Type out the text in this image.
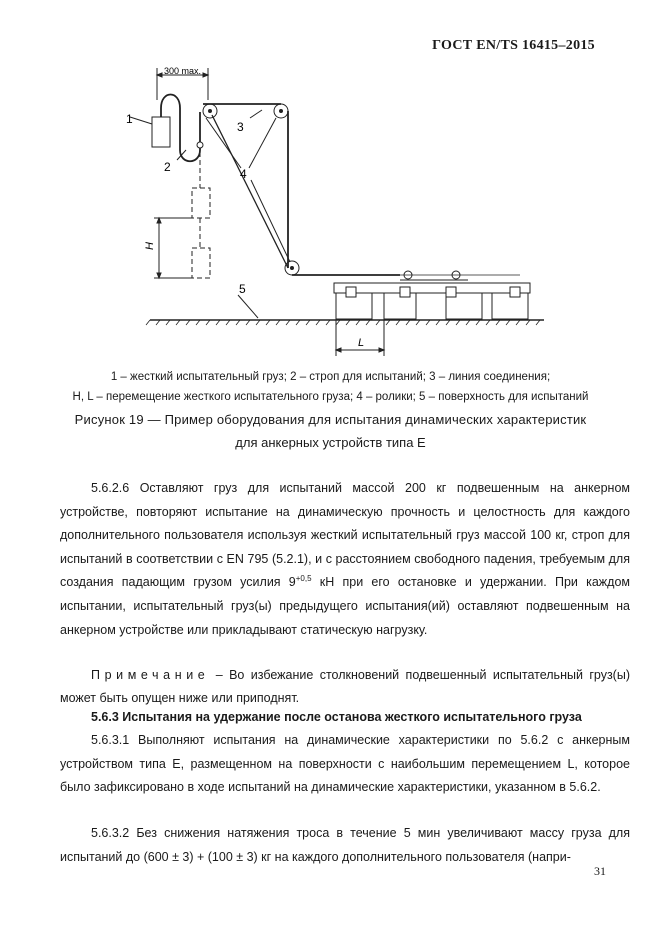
ГОСТ EN/TS 16415–2015
300 max.
1
2
3
4
5
H
L
1 – жесткий испытательный груз; 2 – строп для испытаний; 3 – линия соединения;
H, L – перемещение жесткого испытательного груза; 4 – ролики; 5 – поверхность для испытаний
Рисунок 19 — Пример оборудования для испытания динамических характеристик
для анкерных устройств типа E
5.6.2.6 Оставляют груз для испытаний массой 200 кг подвешенным на анкерном устройстве, повторяют испытание на динамическую прочность и целостность для каждого дополнительного пользователя используя жесткий испытательный груз массой 100 кг, строп для испытаний в соответствии с EN 795 (5.2.1), и с расстоянием свободного падения, требуемым для создания падающим грузом усилия $9^{+0,5}$ кН при его остановке и удержании. При каждом испытании, испытательный груз(ы) предыдущего испытания(ий) оставляют подвешенным на анкерном устройстве или прикладывают статическую нагрузку.
Примечание – Во избежание столкновений подвешенный испытательный груз(ы) может быть опущен ниже или приподнят.
5.6.3 Испытания на удержание после останова жесткого испытательного груза
5.6.3.1 Выполняют испытания на динамические характеристики по 5.6.2 с анкерным устройством типа E, размещенном на поверхности с наибольшим перемещением L, которое было зафиксировано в ходе испытаний на динамические характеристики, указанном в 5.6.2.
5.6.3.2 Без снижения натяжения троса в течение 5 мин увеличивают массу груза для испытаний до (600 ± 3) + (100 ± 3) кг на каждого дополнительного пользователя (напри-
31
